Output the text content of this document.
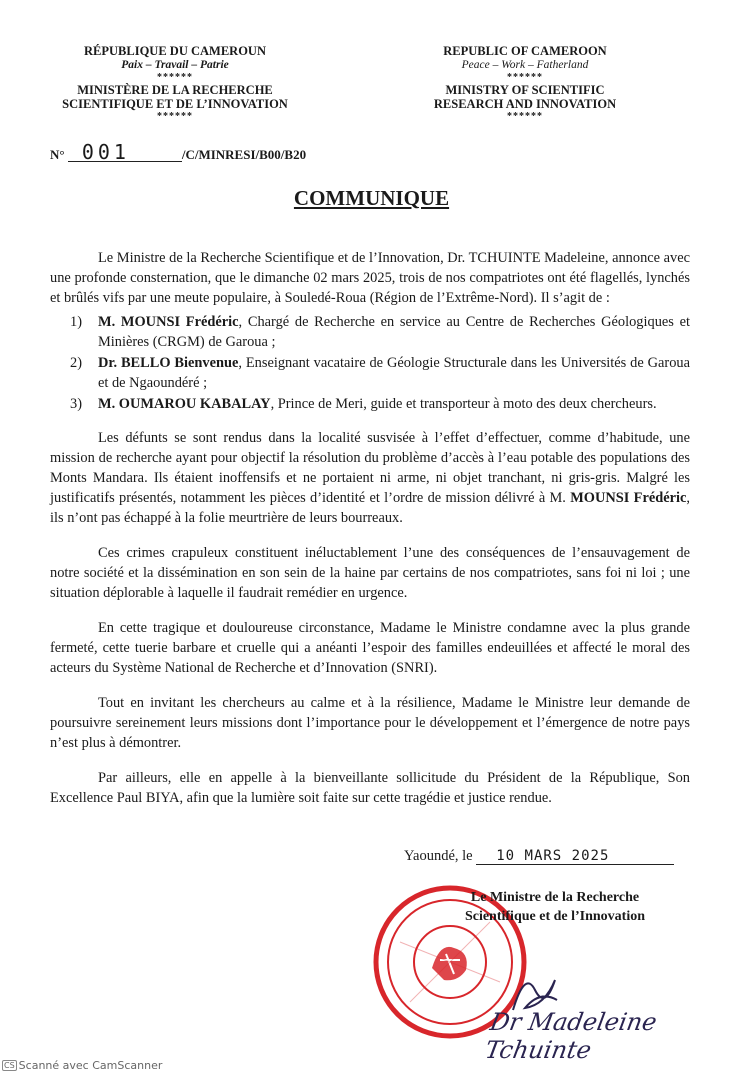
RÉPUBLIQUE DU CAMEROUN
Paix – Travail – Patrie
******
MINISTÈRE DE LA RECHERCHE
SCIENTIFIQUE ET DE L’INNOVATION
******
REPUBLIC OF CAMEROON
Peace – Work – Fatherland
******
MINISTRY OF SCIENTIFIC
RESEARCH AND INNOVATION
******
N° 001	/C/MINRESI/B00/B20
COMMUNIQUE

Le Ministre de la Recherche Scientifique et de l’Innovation, Dr. TCHUINTE Madeleine, annonce avec une profonde consternation, que le dimanche 02 mars 2025, trois de nos compatriotes ont été flagellés, lynchés et brûlés vifs par une meute populaire, à Souledé-Roua (Région de l’Extrême-Nord). Il s’agit de :

1) M. MOUNSI Frédéric, Chargé de Recherche en service au Centre de Recherches Géologiques et Minières (CRGM) de Garoua ;
2) Dr. BELLO Bienvenue, Enseignant vacataire de Géologie Structurale dans les Universités de Garoua et de Ngaoundéré ;
3) M. OUMAROU KABALAY, Prince de Meri, guide et transporteur à moto des deux chercheurs.

Les défunts se sont rendus dans la localité susvisée à l’effet d’effectuer, comme d’habitude, une mission de recherche ayant pour objectif la résolution du problème d’accès à l’eau potable des populations des Monts Mandara. Ils étaient inoffensifs et ne portaient ni arme, ni objet tranchant, ni gris-gris. Malgré les justificatifs présentés, notamment les pièces d’identité et l’ordre de mission délivré à M. MOUNSI Frédéric, ils n’ont pas échappé à la folie meurtrière de leurs bourreaux.

Ces crimes crapuleux constituent inéluctablement l’une des conséquences de l’ensauvagement de notre société et la dissémination en son sein de la haine par certains de nos compatriotes, sans foi ni loi ; une situation déplorable à laquelle il faudrait remédier en urgence.

En cette tragique et douloureuse circonstance, Madame le Ministre condamne avec la plus grande fermeté, cette tuerie barbare et cruelle qui a anéanti l’espoir des familles endeuillées et affecté le moral des acteurs du Système National de Recherche et d’Innovation (SNRI).

Tout en invitant les chercheurs au calme et à la résilience, Madame le Ministre leur demande de poursuivre sereinement leurs missions dont l’importance pour le développement et l’émergence de notre pays n’est plus à démontrer.

Par ailleurs, elle en appelle à la bienveillante sollicitude du Président de la République, Son Excellence Paul BIYA, afin que la lumière soit faite sur cette tragédie et justice rendue.

Yaoundé, le 10 MARS 2025
Le Ministre de la Recherche
Scientifique et de l’Innovation
Dr Madeleine Tchuinte
CS Scanné avec CamScanner
